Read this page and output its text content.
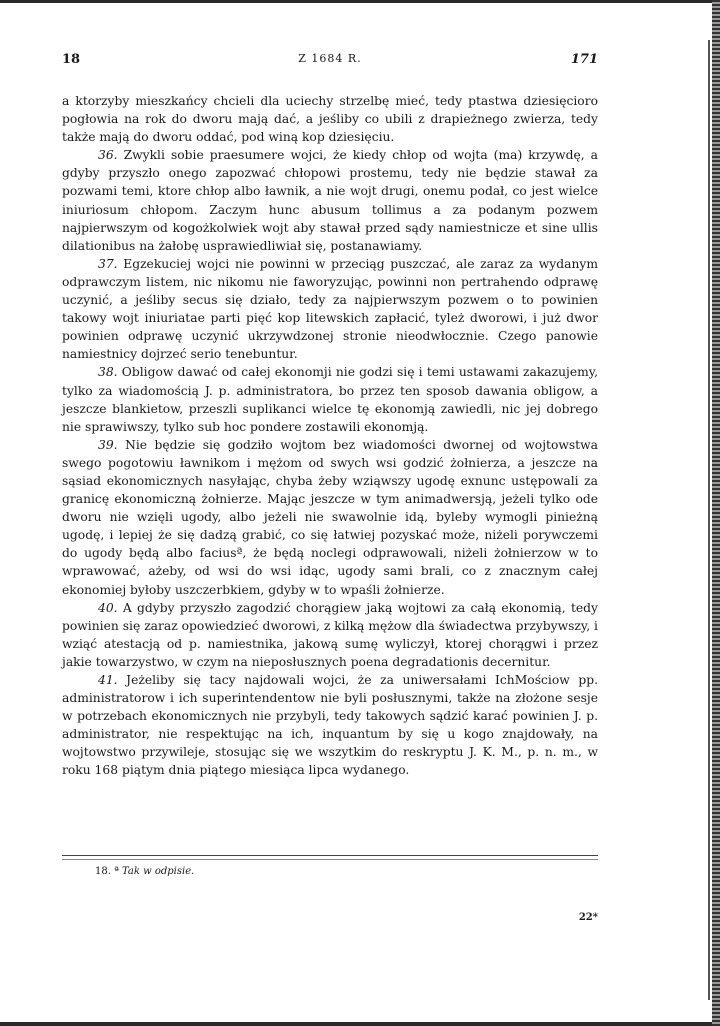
18	Z 1684 R.	171

a ktorzyby mieszkańcy chcieli dla uciechy strzelbę mieć, tedy ptastwa dziesięcioro pogłowia na rok do dworu mają dać, a jeśliby co ubili z drapieżnego zwierza, tedy także mają do dworu oddać, pod winą kop dziesięciu.

36. Zwykli sobie praesumere wojci, że kiedy chłop od wojta (ma) krzywdę, a gdyby przyszło onego zapozwać chłopowi prostemu, tedy nie będzie stawał za pozwami temi, ktore chłop albo ławnik, a nie wojt drugi, onemu podał, co jest wielce iniuriosum chłopom. Zaczym hunc abusum tollimus a za podanym pozwem najpierwszym od kogożkolwiek wojt aby stawał przed sądy namiestnicze et sine ullis dilationibus na żałobę usprawiedliwiał się, postanawiamy.

37. Egzekuciej wojci nie powinni w przeciąg puszczać, ale zaraz za wydanym odprawczym listem, nic nikomu nie faworyzując, powinni non pertrahendo odprawę uczynić, a jeśliby secus się działo, tedy za najpierwszym pozwem o to powinien takowy wojt iniuriatae parti pięć kop litewskich zapłacić, tyleż dworowi, i już dwor powinien odprawę uczynić ukrzywdzonej stronie nieodwłocznie. Czego panowie namiestnicy dojrzeć serio tenebuntur.

38. Obligow dawać od całej ekonomji nie godzi się i temi ustawami zakazujemy, tylko za wiadomością J. p. administratora, bo przez ten sposob dawania obligow, a jeszcze blankietow, przeszli suplikanci wielce tę ekonomją zawiedli, nic jej dobrego nie sprawiwszy, tylko sub hoc pondere zostawili ekonomją.

39. Nie będzie się godziło wojtom bez wiadomości dwornej od wojtowstwa swego pogotowiu ławnikom i mężom od swych wsi godzić żołnierza, a jeszcze na sąsiad ekonomicznych nasyłając, chyba żeby wziąwszy ugodę exnunc ustępowali za granicę ekonomiczną żołnierze. Mając jeszcze w tym animadwersją, jeżeli tylko ode dworu nie wzięli ugody, albo jeżeli nie swawolnie idą, byleby wymogli pinieżną ugodę, i lepiej że się dadzą grabić, co się łatwiej pozyskać może, niżeli porywczemi do ugody będą albo faciusª, że będą noclegi odprawowali, niżeli żołnierzow w to wprawować, ażeby, od wsi do wsi idąc, ugody sami brali, co z znacznym całej ekonomiej byłoby uszczerbkiem, gdyby w to wpaśli żołnierze.

40. A gdyby przyszło zagodzić chorągiew jaką wojtowi za całą ekonomią, tedy powinien się zaraz opowiedzieć dworowi, z kilką mężow dla świadectwa przybywszy, i wziąć atestacją od p. namiestnika, jakową sumę wyliczył, ktorej chorągwi i przez jakie towarzystwo, w czym na nieposłusznych poena degradationis decernitur.

41. Jeżeliby się tacy najdowali wojci, że za uniwersałami IchMościow pp. administratorow i ich superintendentow nie byli posłusznymi, także na złożone sesje w potrzebach ekonomicznych nie przybyli, tedy takowych sądzić karać powinien J. p. administrator, nie respektując na ich, inquantum by się u kogo znajdowały, na wojtowstwo przywileje, stosując się we wszytkim do reskryptu J. K. M., p. n. m., w roku 168 piątym dnia piątego miesiąca lipca wydanego.

18. ª Tak w odpisie.
22*
